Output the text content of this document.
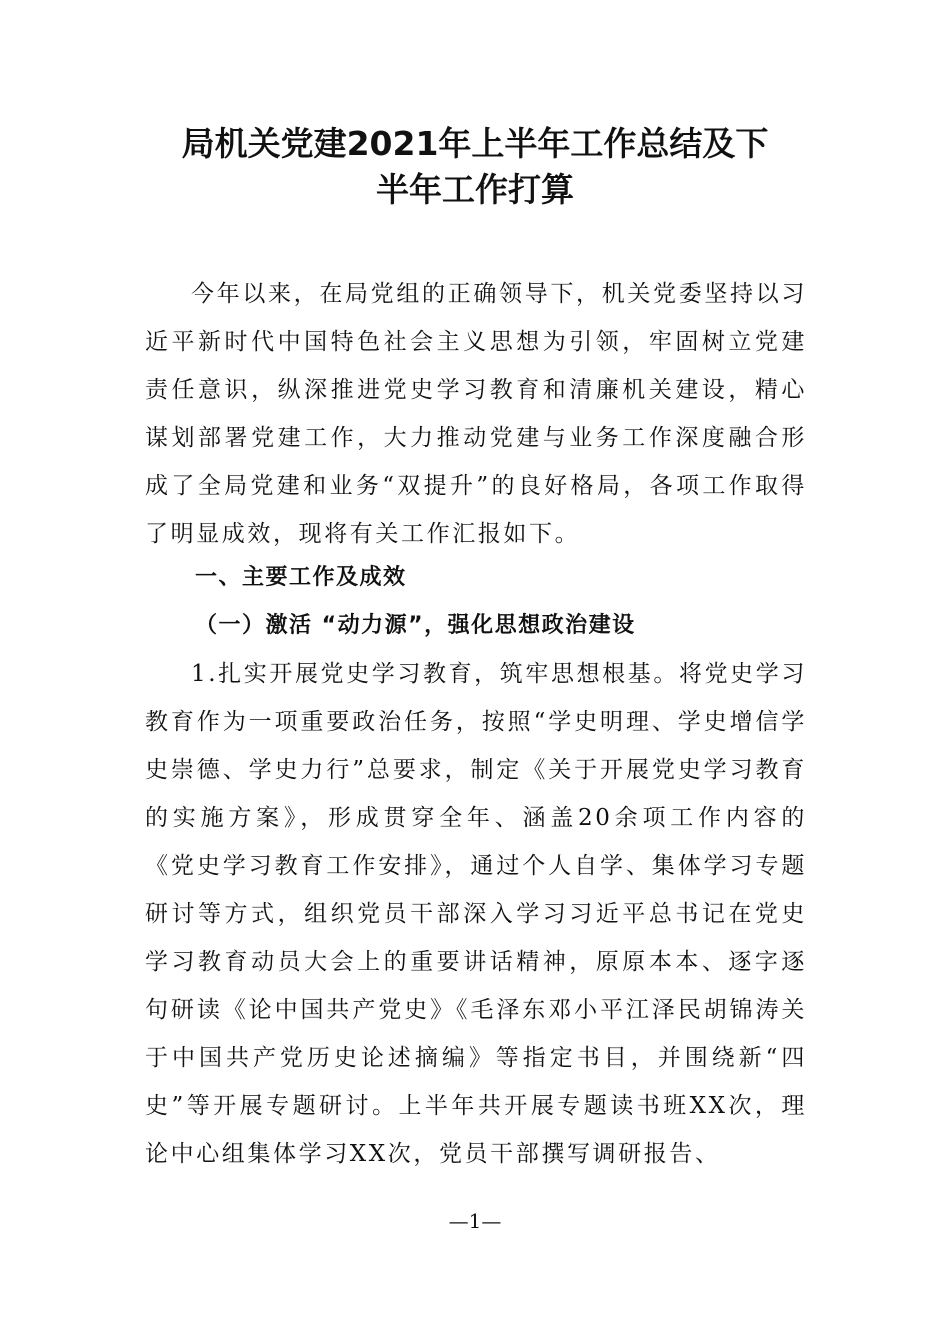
局机关党建2021年上半年工作总结及下
半年工作打算

今年以来，在局党组的正确领导下，机关党委坚持以习近平新时代中国特色社会主义思想为引领，牢固树立党建责任意识，纵深推进党史学习教育和清廉机关建设，精心谋划部署党建工作，大力推动党建与业务工作深度融合形成了全局党建和业务“双提升”的良好格局，各项工作取得了明显成效，现将有关工作汇报如下。

一、主要工作及成效
（一）激活 “动力源”，强化思想政治建设

1.扎实开展党史学习教育，筑牢思想根基。将党史学习教育作为一项重要政治任务，按照“学史明理、学史增信学史崇德、学史力行”总要求，制定《关于开展党史学习教育的实施方案》，形成贯穿全年、涵盖20余项工作内容的《党史学习教育工作安排》，通过个人自学、集体学习专题研讨等方式，组织党员干部深入学习习近平总书记在党史学习教育动员大会上的重要讲话精神，原原本本、逐字逐句研读《论中国共产党史》《毛泽东邓小平江泽民胡锦涛关于中国共产党历史论述摘编》等指定书目，并围绕新“四史”等开展专题研讨。上半年共开展专题读书班XX次，理论中心组集体学习XX次，党员干部撰写调研报告、

—1—
